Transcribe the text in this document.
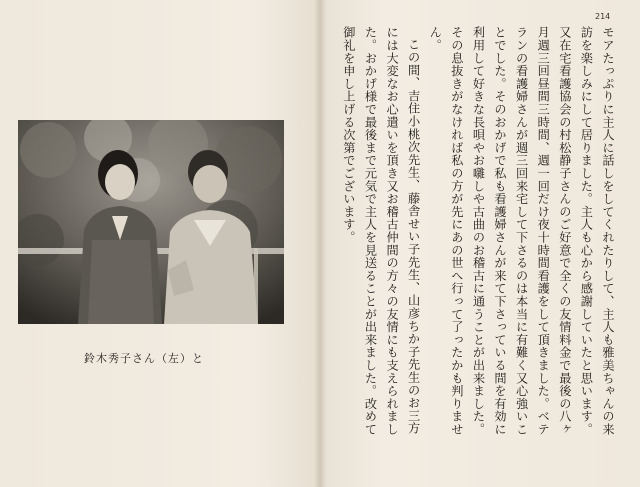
鈴木秀子さん（左）と
214

モアたっぷりに主人に話しをしてくれたりして、主人も雅美ちゃんの来訪を楽しみにして居りました。主人も心から感謝していたと思います。又在宅看護協会の村松静子さんのご好意で全くの友情料金で最後の八ヶ月週三回昼間三時間、週一回だけ夜十時間看護をして頂きました。ベテランの看護婦さんが週三回来宅して下さるのは本当に有難く又心強いことでした。そのおかげで私も看護婦さんが来て下さっている間を有効に利用して好きな長唄やお囃しや古曲のお稽古に通うことが出来ました。その息抜きがなければ私の方が先にあの世へ行って了ったかも判りません。

この間、吉住小桃次先生、藤舎せい子先生、山彦ちか子先生のお三方には大変なお心遣いを頂き又お稽古仲間の方々の友情にも支えられました。おかげ様で最後まで元気で主人を見送ることが出来ました。改めて御礼を申し上げる次第でございます。
